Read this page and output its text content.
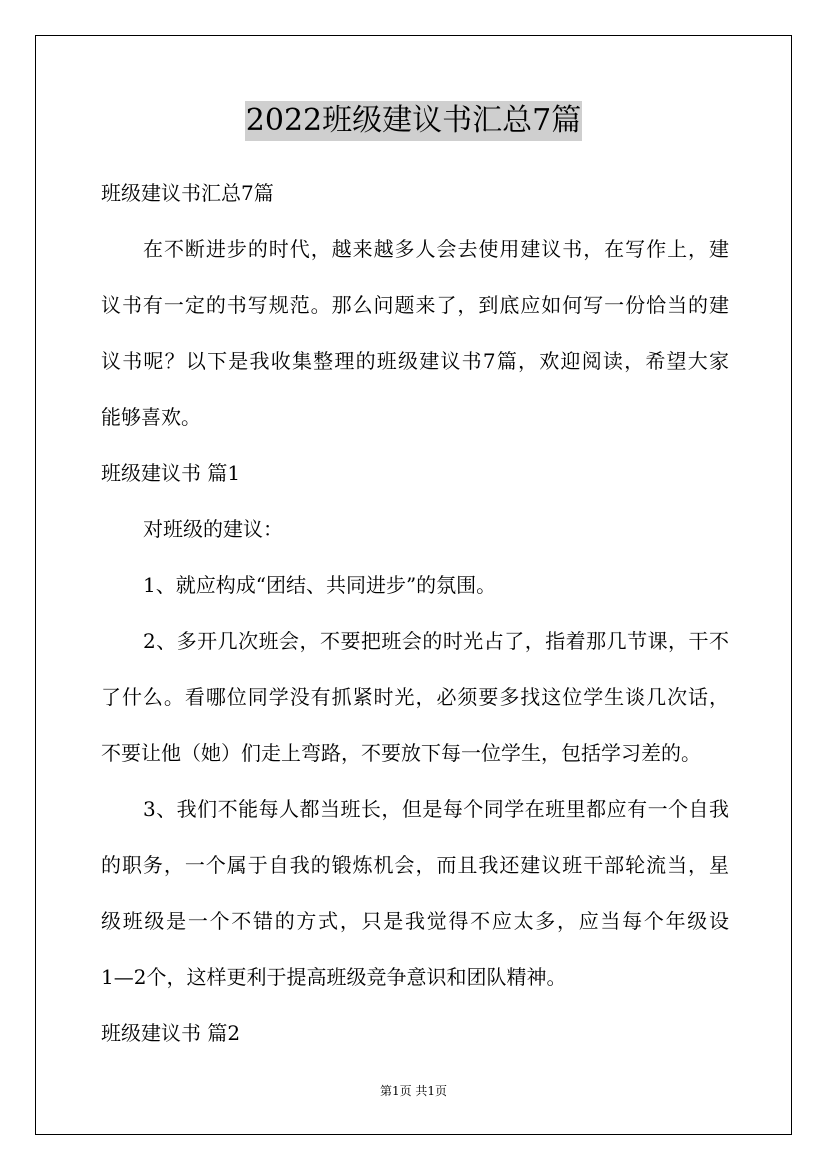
2022班级建议书汇总7篇
班级建议书汇总7篇
在不断进步的时代，越来越多人会去使用建议书，在写作上，建
议书有一定的书写规范。那么问题来了，到底应如何写一份恰当的建
议书呢？以下是我收集整理的班级建议书7篇，欢迎阅读，希望大家
能够喜欢。
班级建议书 篇1
对班级的建议：
1、就应构成“团结、共同进步”的氛围。
2、多开几次班会，不要把班会的时光占了，指着那几节课，干不
了什么。看哪位同学没有抓紧时光，必须要多找这位学生谈几次话，
不要让他（她）们走上弯路，不要放下每一位学生，包括学习差的。
3、我们不能每人都当班长，但是每个同学在班里都应有一个自我
的职务，一个属于自我的锻炼机会，而且我还建议班干部轮流当，星
级班级是一个不错的方式，只是我觉得不应太多，应当每个年级设
1—2个，这样更利于提高班级竞争意识和团队精神。
班级建议书 篇2
第1页 共1页
